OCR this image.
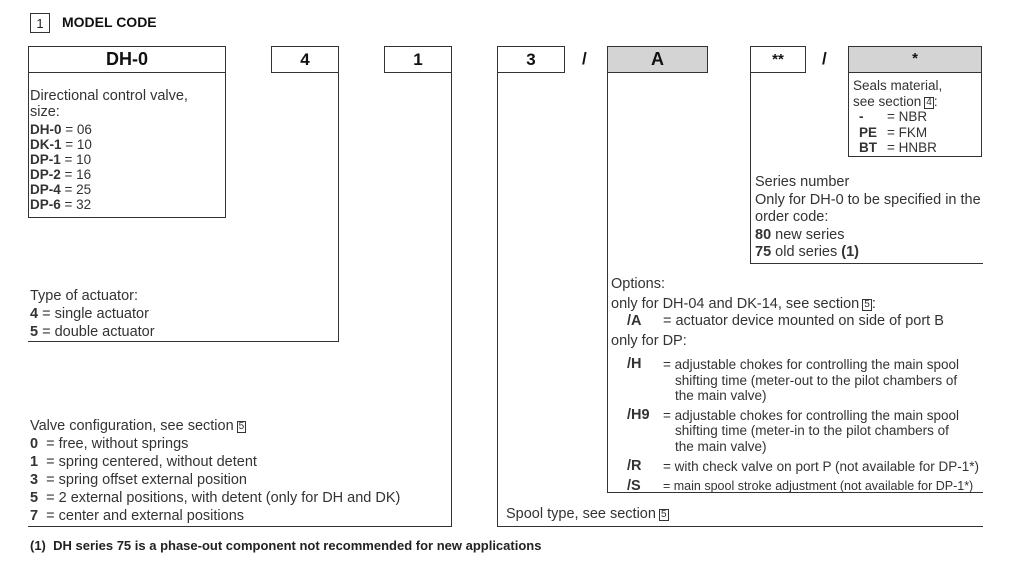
1	MODEL CODE
DH-0	4	1	3	/	A	**	/	*
Directional control valve,
size:
DH-0 = 06
DK-1 = 10
DP-1 = 10
DP-2 = 16
DP-4 = 25
DP-6 = 32
Type of actuator:
4 = single actuator
5 = double actuator
Valve configuration, see section 5
0 = free, without springs
1 = spring centered, without detent
3 = spring offset external position
5 = 2 external positions, with detent (only for DH and DK)
7 = center and external positions	Spool type, see section 5
Seals material,
see section 4 :
- = NBR
PE = FKM
BT = HNBR
Series number
Only for DH-0 to be specified in the
order code:
80 new series
75 old series (1)
Options:
only for DH-04 and DK-14, see section 5 :
/A = actuator device mounted on side of port B
only for DP:
/H	= adjustable chokes for controlling the main spool
shifting time (meter-out to the pilot chambers of
the main valve)
/H9 = adjustable chokes for controlling the main spool
shifting time (meter-in to the pilot chambers of
the main valve)
/R	= with check valve on port P (not available for DP-1*)
/S	= main spool stroke adjustment (not available for DP-1*)
(1)  DH series 75 is a phase-out component not recommended for new applications
